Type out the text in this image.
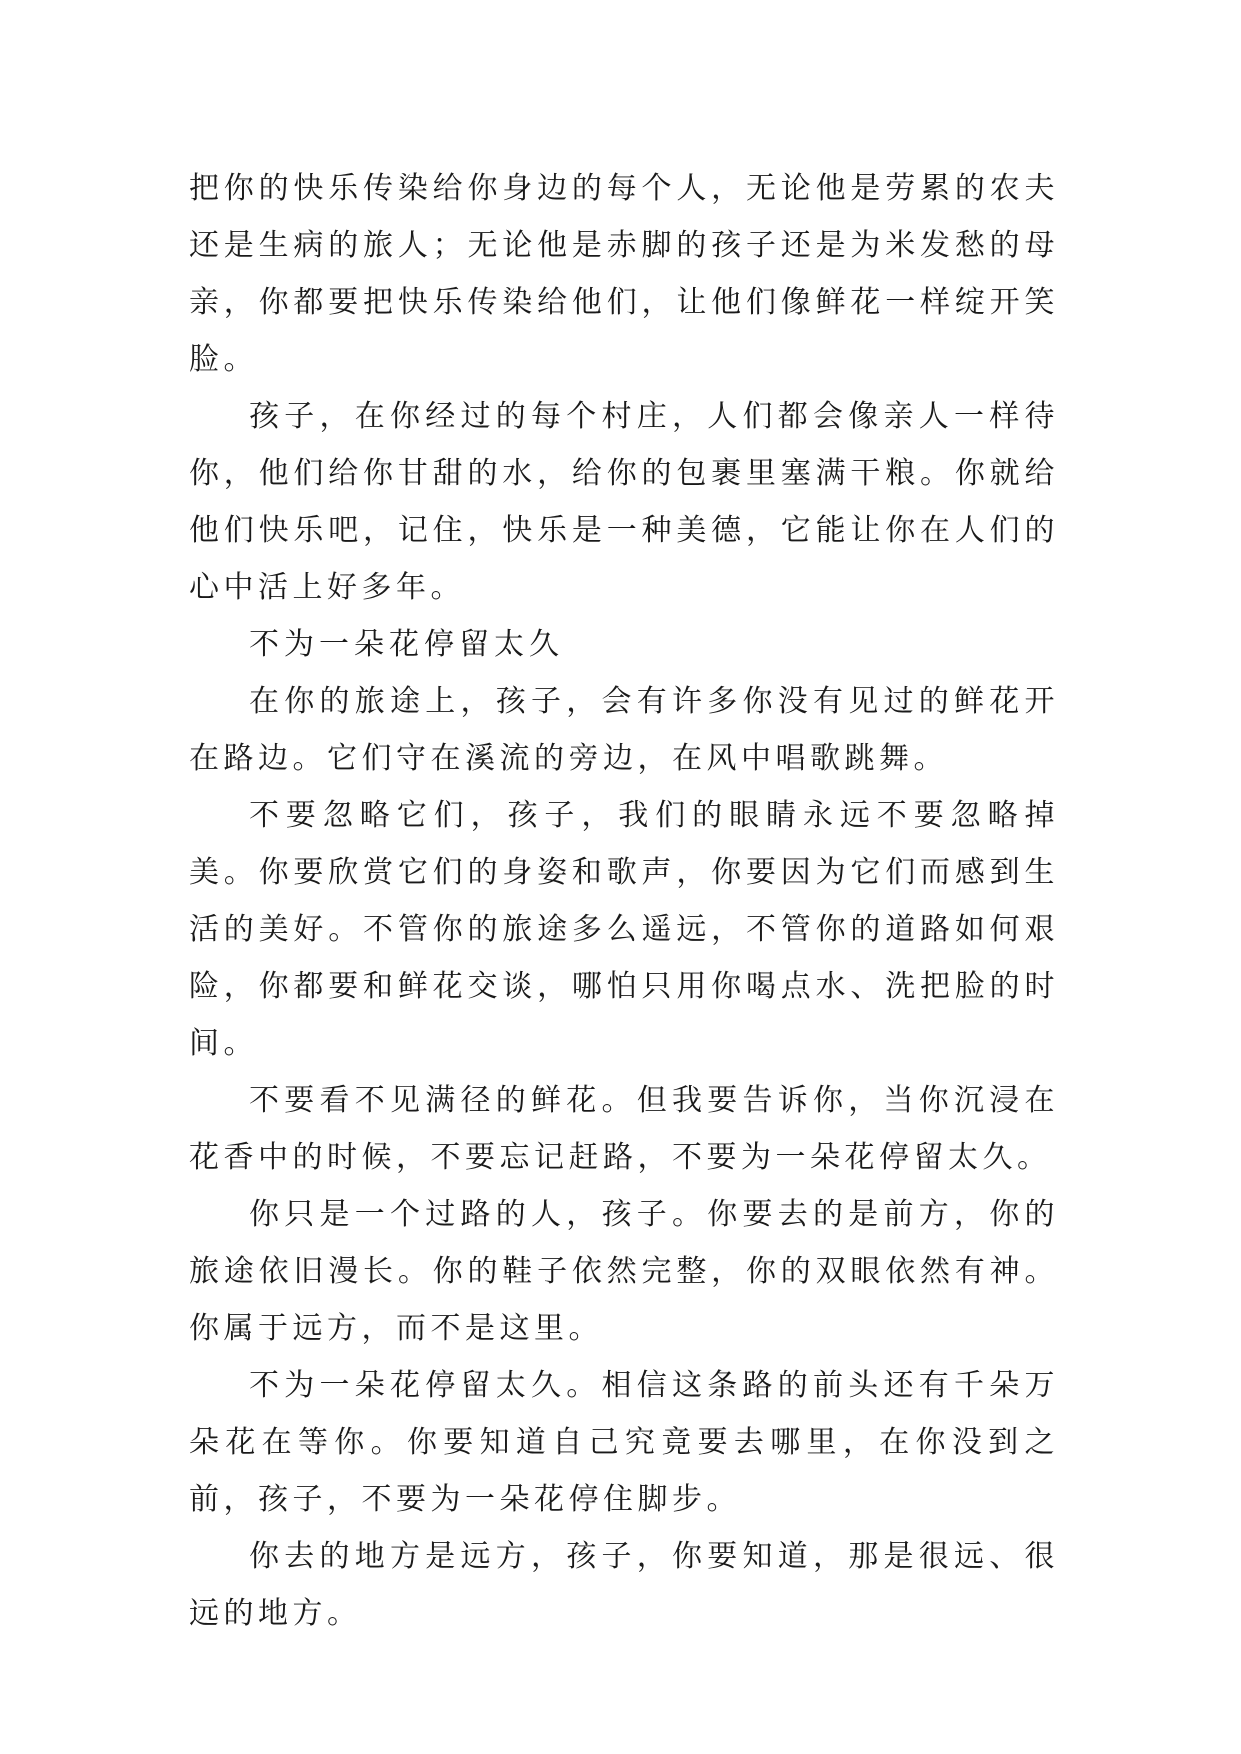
把你的快乐传染给你身边的每个人，无论他是劳累的农夫还是生病的旅人；无论他是赤脚的孩子还是为米发愁的母亲，你都要把快乐传染给他们，让他们像鲜花一样绽开笑脸。

孩子，在你经过的每个村庄，人们都会像亲人一样待你，他们给你甘甜的水，给你的包裹里塞满干粮。你就给他们快乐吧，记住，快乐是一种美德，它能让你在人们的心中活上好多年。

不为一朵花停留太久

在你的旅途上，孩子，会有许多你没有见过的鲜花开在路边。它们守在溪流的旁边，在风中唱歌跳舞。

不要忽略它们，孩子，我们的眼睛永远不要忽略掉美。你要欣赏它们的身姿和歌声，你要因为它们而感到生活的美好。不管你的旅途多么遥远，不管你的道路如何艰险，你都要和鲜花交谈，哪怕只用你喝点水、洗把脸的时间。

不要看不见满径的鲜花。但我要告诉你，当你沉浸在花香中的时候，不要忘记赶路，不要为一朵花停留太久。

你只是一个过路的人，孩子。你要去的是前方，你的旅途依旧漫长。你的鞋子依然完整，你的双眼依然有神。你属于远方，而不是这里。

不为一朵花停留太久。相信这条路的前头还有千朵万朵花在等你。你要知道自己究竟要去哪里，在你没到之前，孩子，不要为一朵花停住脚步。

你去的地方是远方，孩子，你要知道，那是很远、很远的地方。
